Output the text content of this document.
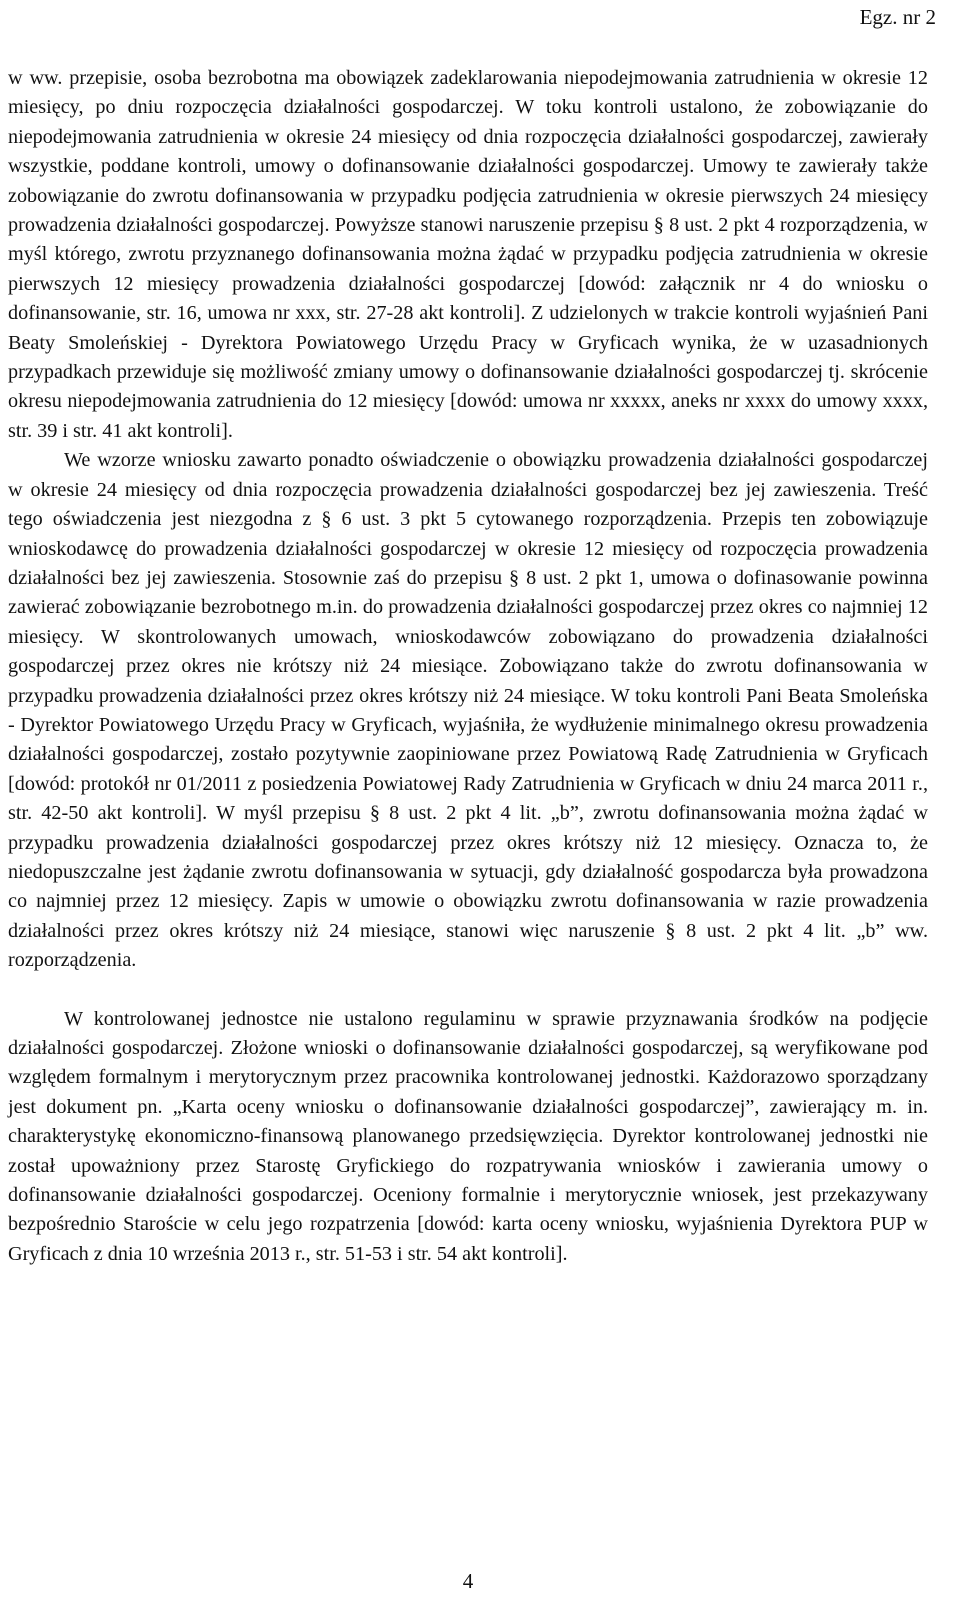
Egz. nr 2

w ww. przepisie, osoba bezrobotna ma obowiązek zadeklarowania niepodejmowania zatrudnienia w okresie 12 miesięcy, po dniu rozpoczęcia działalności gospodarczej. W toku kontroli ustalono, że zobowiązanie do niepodejmowania zatrudnienia w okresie 24 miesięcy od dnia rozpoczęcia działalności gospodarczej, zawierały wszystkie, poddane kontroli, umowy o dofinansowanie działalności gospodarczej. Umowy te zawierały także zobowiązanie do zwrotu dofinansowania w przypadku podjęcia zatrudnienia w okresie pierwszych 24 miesięcy prowadzenia działalności gospodarczej. Powyższe stanowi naruszenie przepisu § 8 ust. 2 pkt 4 rozporządzenia, w myśl którego, zwrotu przyznanego dofinansowania można żądać w przypadku podjęcia zatrudnienia w okresie pierwszych 12 miesięcy prowadzenia działalności gospodarczej [dowód: załącznik nr 4 do wniosku o dofinansowanie, str. 16, umowa nr xxx, str. 27-28 akt kontroli]. Z udzielonych w trakcie kontroli wyjaśnień Pani Beaty Smoleńskiej - Dyrektora Powiatowego Urzędu Pracy w Gryficach wynika, że w uzasadnionych przypadkach przewiduje się możliwość zmiany umowy o dofinansowanie działalności gospodarczej tj. skrócenie okresu niepodejmowania zatrudnienia do 12 miesięcy [dowód: umowa nr xxxxx, aneks nr xxxx do umowy xxxx, str. 39 i str. 41 akt kontroli].

We wzorze wniosku zawarto ponadto oświadczenie o obowiązku prowadzenia działalności gospodarczej w okresie 24 miesięcy od dnia rozpoczęcia prowadzenia działalności gospodarczej bez jej zawieszenia. Treść tego oświadczenia jest niezgodna z § 6 ust. 3 pkt 5 cytowanego rozporządzenia. Przepis ten zobowiązuje wnioskodawcę do prowadzenia działalności gospodarczej w okresie 12 miesięcy od rozpoczęcia prowadzenia działalności bez jej zawieszenia. Stosownie zaś do przepisu § 8 ust. 2 pkt 1, umowa o dofinasowanie powinna zawierać zobowiązanie bezrobotnego m.in. do prowadzenia działalności gospodarczej przez okres co najmniej 12 miesięcy. W skontrolowanych umowach, wnioskodawców zobowiązano do prowadzenia działalności gospodarczej przez okres nie krótszy niż 24 miesiące. Zobowiązano także do zwrotu dofinansowania w przypadku prowadzenia działalności przez okres krótszy niż 24 miesiące. W toku kontroli Pani Beata Smoleńska - Dyrektor Powiatowego Urzędu Pracy w Gryficach, wyjaśniła, że wydłużenie minimalnego okresu prowadzenia działalności gospodarczej, zostało pozytywnie zaopiniowane przez Powiatową Radę Zatrudnienia w Gryficach [dowód: protokół nr 01/2011 z posiedzenia Powiatowej Rady Zatrudnienia w Gryficach w dniu 24 marca 2011 r., str. 42-50 akt kontroli]. W myśl przepisu § 8 ust. 2 pkt 4 lit. „b”, zwrotu dofinansowania można żądać w przypadku prowadzenia działalności gospodarczej przez okres krótszy niż 12 miesięcy. Oznacza to, że niedopuszczalne jest żądanie zwrotu dofinansowania w sytuacji, gdy działalność gospodarcza była prowadzona co najmniej przez 12 miesięcy. Zapis w umowie o obowiązku zwrotu dofinansowania w razie prowadzenia działalności przez okres krótszy niż 24 miesiące, stanowi więc naruszenie § 8 ust. 2 pkt 4 lit. „b” ww. rozporządzenia.

W kontrolowanej jednostce nie ustalono regulaminu w sprawie przyznawania środków na podjęcie działalności gospodarczej. Złożone wnioski o dofinansowanie działalności gospodarczej, są weryfikowane pod względem formalnym i merytorycznym przez pracownika kontrolowanej jednostki. Każdorazowo sporządzany jest dokument pn. „Karta oceny wniosku o dofinansowanie działalności gospodarczej”, zawierający m. in. charakterystykę ekonomiczno-finansową planowanego przedsięwzięcia. Dyrektor kontrolowanej jednostki nie został upoważniony przez Starostę Gryfickiego do rozpatrywania wniosków i zawierania umowy o dofinansowanie działalności gospodarczej. Oceniony formalnie i merytorycznie wniosek, jest przekazywany bezpośrednio Staroście w celu jego rozpatrzenia [dowód: karta oceny wniosku, wyjaśnienia Dyrektora PUP w Gryficach z dnia 10 września 2013 r., str. 51-53 i str. 54 akt kontroli].

4
